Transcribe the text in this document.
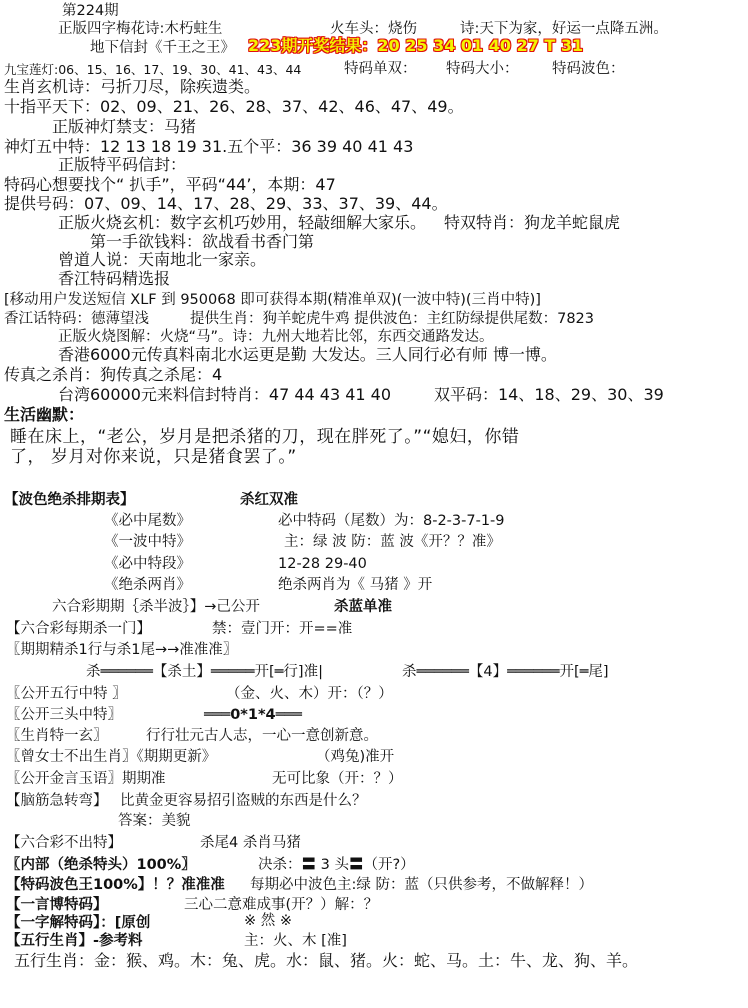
第224期
正版四字梅花诗:木朽蛀生	火车头：烧伤	诗:天下为家，好运一点降五洲。
地下信封《千王之王》 223期开奖结果：20 25 34 01 40 27 T 31
九宝莲灯:06、15、16、17、19、30、41、43、44	特码单双： 特码大小： 特码波色：
生肖玄机诗：弓折刀尽，除疾遗类。
十指平天下：02、09、21、26、28、37、42、46、47、49。
正版神灯禁支：马猪
神灯五中特：12 13 18 19 31.五个平：36 39 40 41 43
正版特平码信封：
特码心想要找个“ 扒手”，平码“44’，本期：47
提供号码：07、09、14、17、28、29、33、37、39、44。
正版火烧玄机：数字玄机巧妙用，轻敲细解大家乐。 特双特肖：狗龙羊蛇鼠虎
第一手欲钱料：欲战看书香门第
曾道人说：天南地北一家亲。
香江特码精选报
[移动用户发送短信 XLF 到 950068 即可获得本期(精准单双)(一波中特)(三肖中特)]
香江话特码：德薄望浅	提供生肖：狗羊蛇虎牛鸡 提供波色：主红防绿提供尾数：7823
正版火烧图解：火烧“马”。诗：九州大地若比邻，东西交通路发达。
香港6000元传真料南北水运更是勤 大发达。三人同行必有师 博一博。
传真之杀肖：狗传真之杀尾：4
台湾60000元来料信封特肖：47 44 43 41 40	双平码：14、18、29、30、39
生活幽默：
睡在床上，“老公，岁月是把杀猪的刀，现在胖死了。”“媳妇，你错
了， 岁月对你来说，只是猪食罢了。”
【波色绝杀排期表】	杀红双准
《必中尾数》	必中特码（尾数）为：8-2-3-7-1-9
《一波中特》	主：绿 波 防：蓝 波《开？？准》
《必中特段》	12-28 29-40
《绝杀两肖》	绝杀两肖为《 马猪 》开
六合彩期期｛杀半波｝】→己公开	杀蓝单准
【六合彩每期杀一门】	禁：壹门开：开==准
〖期期精杀1行与杀1尾→→准准准〗
杀══════【杀土】═════开[═行]准|	杀══════【4】══════开[═尾]
〖公开五行中特 〗	（金、火、木）开：（？）
〖公开三头中特〗	═══0*1*4═══
〖生肖特一玄〗	行行壮元古人志，一心一意创新意。
〖曾女士不出生肖〗《期期更新》	（鸡兔)准开
〖公开金言玉语〗期期准	无可比象（开：？）
【脑筋急转弯】 比黄金更容易招引盗贼的东西是什么？
答案：美貌
【六合彩不出特】	杀尾4 杀肖马猪
〖内部（绝杀特头）100%〗	决杀：〓 3 头〓（开?）
【特码波色王100%】！？准准准 每期必中波色主:绿 防：蓝（只供参考，不做解释！）
【一言博特码】	三心二意难成事(开？）解：？
【一字解特码】：[原创	※ 然 ※
【五行生肖】-参考料	主：火、木 [准]
五行生肖：金：猴、鸡。木：兔、虎。水：鼠、猪。火：蛇、马。土：牛、龙、狗、羊。
